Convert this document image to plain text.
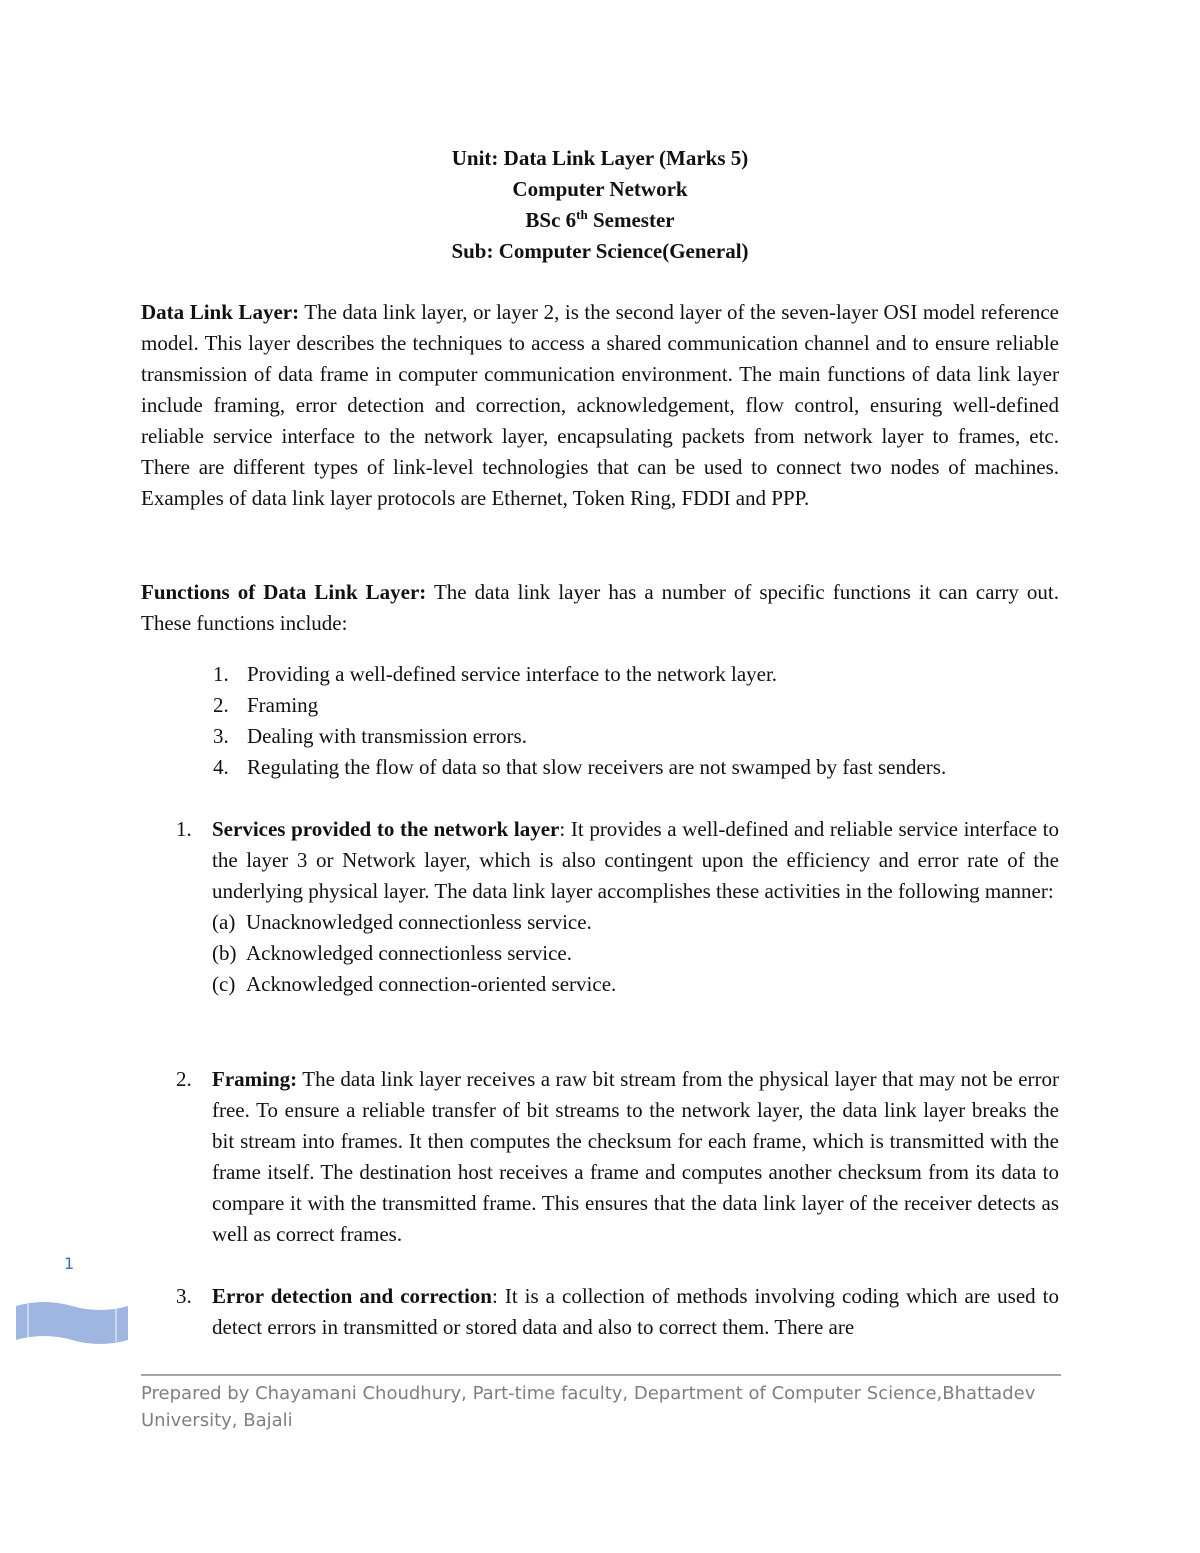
Unit: Data Link Layer (Marks 5)
Computer Network
BSc 6th Semester
Sub: Computer Science(General)

Data Link Layer: The data link layer, or layer 2, is the second layer of the seven-layer OSI model reference model. This layer describes the techniques to access a shared communication channel and to ensure reliable transmission of data frame in computer communication environment. The main functions of data link layer include framing, error detection and correction, acknowledgement, flow control, ensuring well-defined reliable service interface to the network layer, encapsulating packets from network layer to frames, etc. There are different types of link-level technologies that can be used to connect two nodes of machines. Examples of data link layer protocols are Ethernet, Token Ring, FDDI and PPP.

Functions of Data Link Layer: The data link layer has a number of specific functions it can carry out. These functions include:

1. Providing a well-defined service interface to the network layer.
2. Framing
3. Dealing with transmission errors.
4. Regulating the flow of data so that slow receivers are not swamped by fast senders.
1. Services provided to the network layer: It provides a well-defined and reliable service interface to the layer 3 or Network layer, which is also contingent upon the efficiency and error rate of the underlying physical layer. The data link layer accomplishes these activities in the following manner:
(a) Unacknowledged connectionless service.
(b) Acknowledged connectionless service.
(c) Acknowledged connection-oriented service.
2. Framing: The data link layer receives a raw bit stream from the physical layer that may not be error free. To ensure a reliable transfer of bit streams to the network layer, the data link layer breaks the bit stream into frames. It then computes the checksum for each frame, which is transmitted with the frame itself. The destination host receives a frame and computes another checksum from its data to compare it with the transmitted frame. This ensures that the data link layer of the receiver detects as well as correct frames.
3. Error detection and correction: It is a collection of methods involving coding which are used to detect errors in transmitted or stored data and also to correct them. There are
1
Prepared by Chayamani Choudhury, Part-time faculty, Department of Computer Science,Bhattadev University, Bajali
